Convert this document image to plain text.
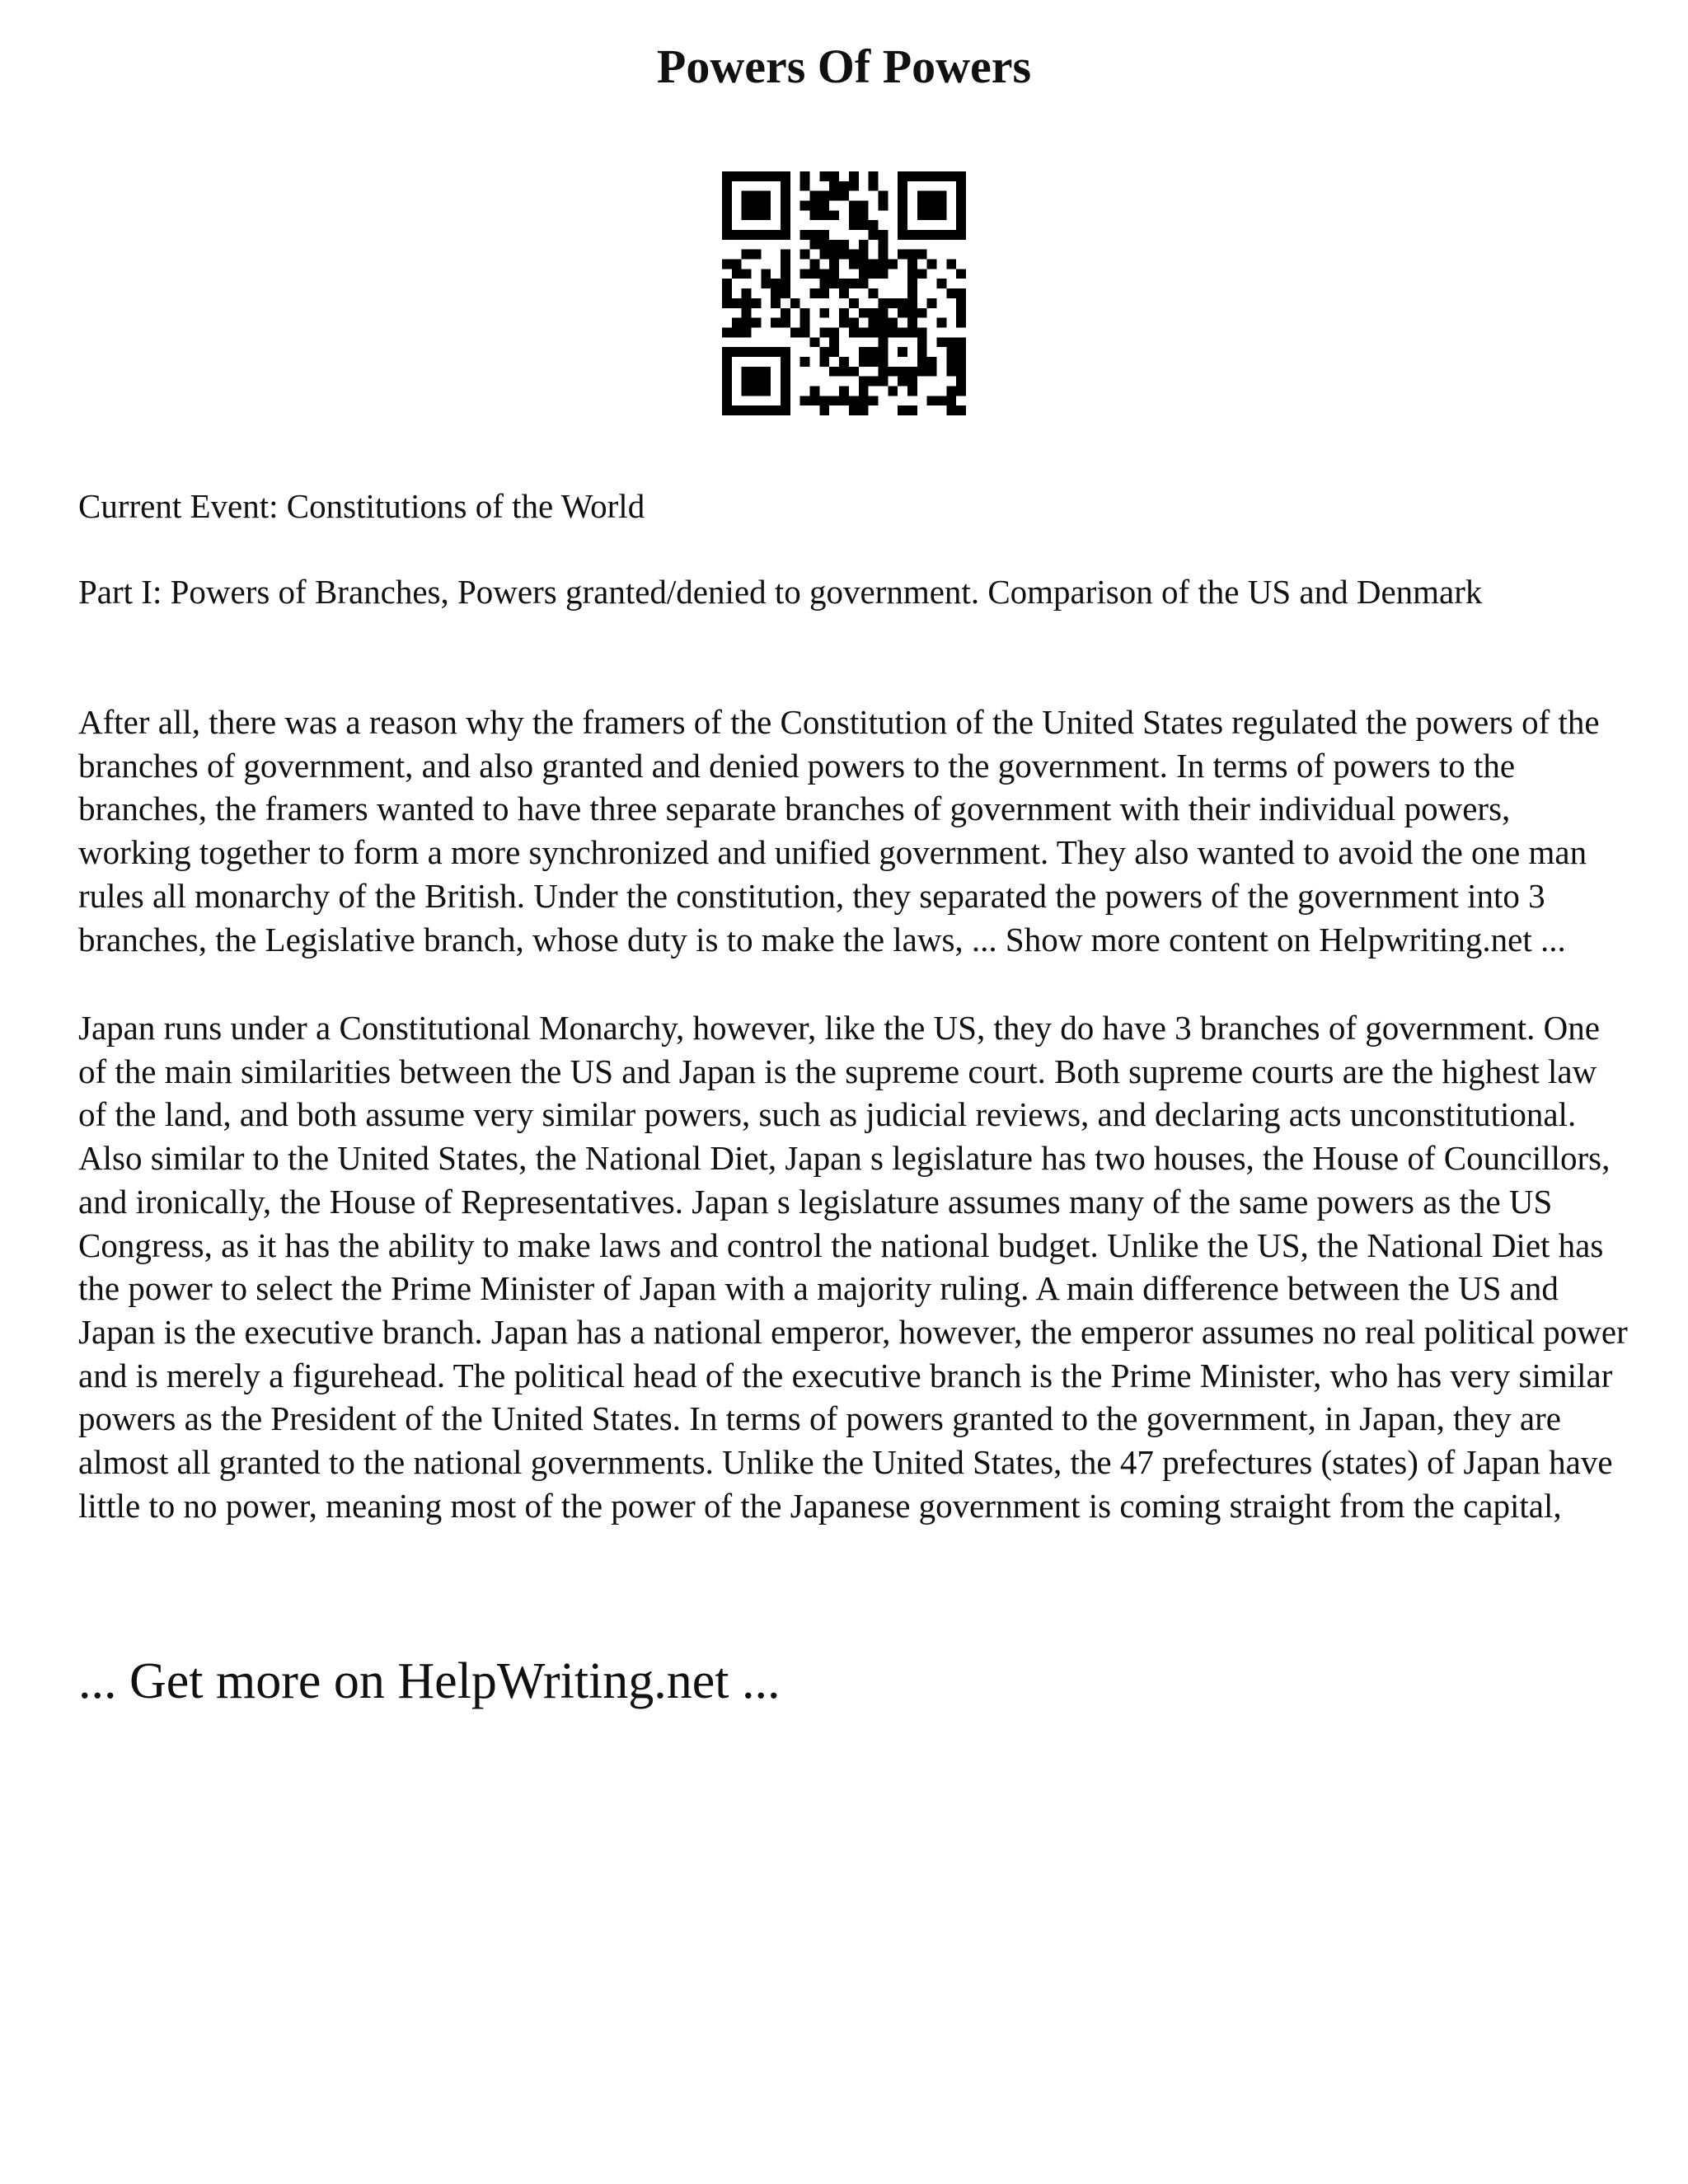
Powers Of Powers

Current Event: Constitutions of the World

Part I: Powers of Branches, Powers granted/denied to government. Comparison of the US and Denmark

After all, there was a reason why the framers of the Constitution of the United States regulated the powers of the branches of government, and also granted and denied powers to the government. In terms of powers to the branches, the framers wanted to have three separate branches of government with their individual powers, working together to form a more synchronized and unified government. They also wanted to avoid the one man rules all monarchy of the British. Under the constitution, they separated the powers of the government into 3 branches, the Legislative branch, whose duty is to make the laws, ... Show more content on Helpwriting.net ...

Japan runs under a Constitutional Monarchy, however, like the US, they do have 3 branches of government. One of the main similarities between the US and Japan is the supreme court. Both supreme courts are the highest law of the land, and both assume very similar powers, such as judicial reviews, and declaring acts unconstitutional. Also similar to the United States, the National Diet, Japan s legislature has two houses, the House of Councillors, and ironically, the House of Representatives. Japan s legislature assumes many of the same powers as the US Congress, as it has the ability to make laws and control the national budget. Unlike the US, the National Diet has the power to select the Prime Minister of Japan with a majority ruling. A main difference between the US and Japan is the executive branch. Japan has a national emperor, however, the emperor assumes no real political power and is merely a figurehead. The political head of the executive branch is the Prime Minister, who has very similar powers as the President of the United States. In terms of powers granted to the government, in Japan, they are almost all granted to the national governments. Unlike the United States, the 47 prefectures (states) of Japan have little to no power, meaning most of the power of the Japanese government is coming straight from the capital,

... Get more on HelpWriting.net ...
